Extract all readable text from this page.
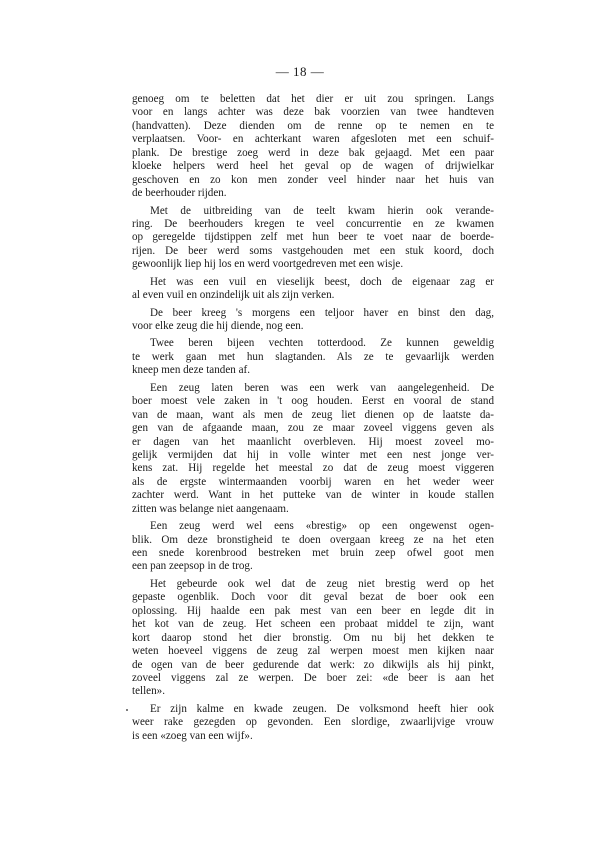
— 18 —
genoeg om te beletten dat het dier er uit zou springen. Langs
voor en langs achter was deze bak voorzien van twee handteven
(handvatten). Deze dienden om de renne op te nemen en te
verplaatsen. Voor- en achterkant waren afgesloten met een schuif-
plank. De brestige zoeg werd in deze bak gejaagd. Met een paar
kloeke helpers werd heel het geval op de wagen of drijwielkar
geschoven en zo kon men zonder veel hinder naar het huis van
de beerhouder rijden.
Met de uitbreiding van de teelt kwam hierin ook verande-
ring. De beerhouders kregen te veel concurrentie en ze kwamen
op geregelde tijdstippen zelf met hun beer te voet naar de boerde-
rijen. De beer werd soms vastgehouden met een stuk koord, doch
gewoonlijk liep hij los en werd voortgedreven met een wisje.
Het was een vuil en vieselijk beest, doch de eigenaar zag er
al even vuil en onzindelijk uit als zijn verken.
De beer kreeg 's morgens een teljoor haver en binst den dag,
voor elke zeug die hij diende, nog een.
Twee beren bijeen vechten totterdood. Ze kunnen geweldig
te werk gaan met hun slagtanden. Als ze te gevaarlijk werden
kneep men deze tanden af.
Een zeug laten beren was een werk van aangelegenheid. De
boer moest vele zaken in 't oog houden. Eerst en vooral de stand
van de maan, want als men de zeug liet dienen op de laatste da-
gen van de afgaande maan, zou ze maar zoveel viggens geven als
er dagen van het maanlicht overbleven. Hij moest zoveel mo-
gelijk vermijden dat hij in volle winter met een nest jonge ver-
kens zat. Hij regelde het meestal zo dat de zeug moest viggeren
als de ergste wintermaanden voorbij waren en het weder weer
zachter werd. Want in het putteke van de winter in koude stallen
zitten was belange niet aangenaam.
Een zeug werd wel eens «brestig» op een ongewenst ogen-
blik. Om deze bronstigheid te doen overgaan kreeg ze na het eten
een snede korenbrood bestreken met bruin zeep ofwel goot men
een pan zeepsop in de trog.
Het gebeurde ook wel dat de zeug niet brestig werd op het
gepaste ogenblik. Doch voor dit geval bezat de boer ook een
oplossing. Hij haalde een pak mest van een beer en legde dit in
het kot van de zeug. Het scheen een probaat middel te zijn, want
kort daarop stond het dier bronstig. Om nu bij het dekken te
weten hoeveel viggens de zeug zal werpen moest men kijken naar
de ogen van de beer gedurende dat werk: zo dikwijls als hij pinkt,
zoveel viggens zal ze werpen. De boer zei: «de beer is aan het
tellen».
Er zijn kalme en kwade zeugen. De volksmond heeft hier ook
weer rake gezegden op gevonden. Een slordige, zwaarlijvige vrouw
is een «zoeg van een wijf».
